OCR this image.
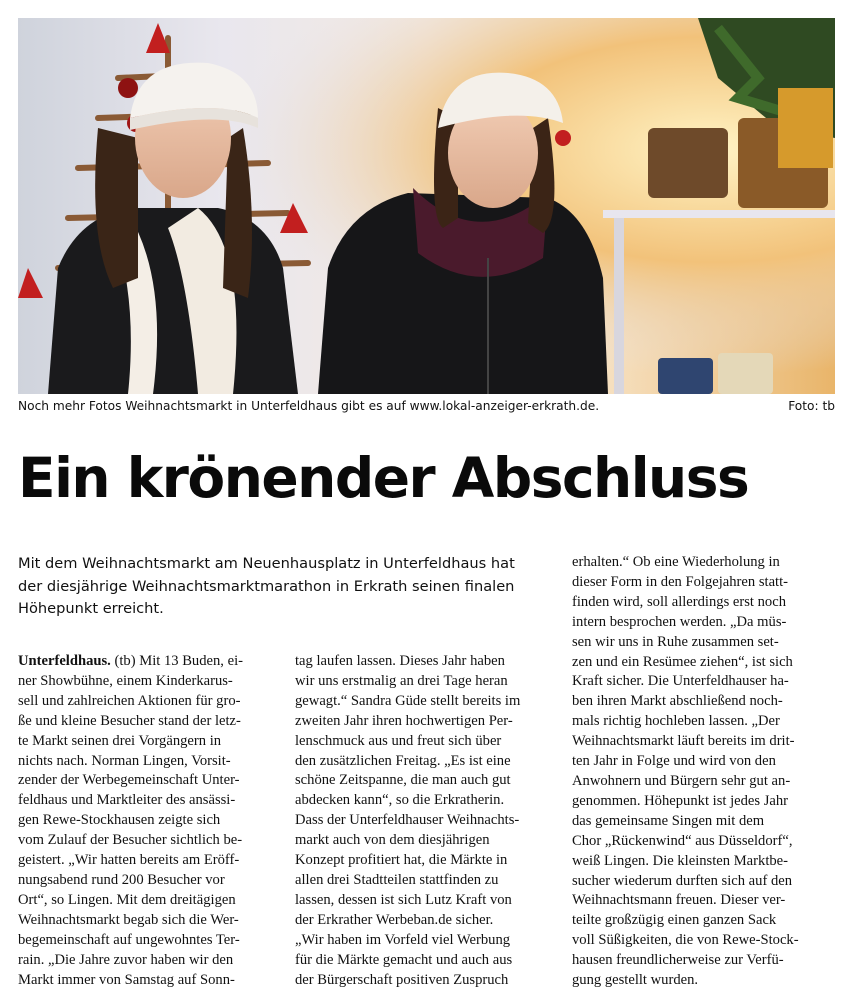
Noch mehr Fotos Weihnachtsmarkt in Unterfeldhaus gibt es auf www.lokal-anzeiger-erkrath.de.	Foto: tb
Ein krönender Abschluss
Mit dem Weihnachtsmarkt am Neuenhausplatz in Unterfeldhaus hat
der diesjährige Weihnachtsmarktmarathon in Erkrath seinen finalen
Höhepunkt erreicht.
Unterfeldhaus. (tb) Mit 13 Buden, ei-
ner Showbühne, einem Kinderkarus-
sell und zahlreichen Aktionen für gro-
ße und kleine Besucher stand der letz-
te Markt seinen drei Vorgängern in
nichts nach. Norman Lingen, Vorsit-
zender der Werbegemeinschaft Unter-
feldhaus und Marktleiter des ansässi-
gen Rewe-Stockhausen zeigte sich
vom Zulauf der Besucher sichtlich be-
geistert. „Wir hatten bereits am Eröff-
nungsabend rund 200 Besucher vor
Ort“, so Lingen. Mit dem dreitägigen
Weihnachtsmarkt begab sich die Wer-
begemeinschaft auf ungewohntes Ter-
rain. „Die Jahre zuvor haben wir den
Markt immer von Samstag auf Sonn-
tag laufen lassen. Dieses Jahr haben
wir uns erstmalig an drei Tage heran
gewagt.“ Sandra Güde stellt bereits im
zweiten Jahr ihren hochwertigen Per-
lenschmuck aus und freut sich über
den zusätzlichen Freitag. „Es ist eine
schöne Zeitspanne, die man auch gut
abdecken kann“, so die Erkratherin.
Dass der Unterfeldhauser Weihnachts-
markt auch von dem diesjährigen
Konzept profitiert hat, die Märkte in
allen drei Stadtteilen stattfinden zu
lassen, dessen ist sich Lutz Kraft von
der Erkrather Werbeban.de sicher.
„Wir haben im Vorfeld viel Werbung
für die Märkte gemacht und auch aus
der Bürgerschaft positiven Zuspruch
erhalten.“ Ob eine Wiederholung in
dieser Form in den Folgejahren statt-
finden wird, soll allerdings erst noch
intern besprochen werden. „Da müs-
sen wir uns in Ruhe zusammen set-
zen und ein Resümee ziehen“, ist sich
Kraft sicher. Die Unterfeldhauser ha-
ben ihren Markt abschließend noch-
mals richtig hochleben lassen. „Der
Weihnachtsmarkt läuft bereits im drit-
ten Jahr in Folge und wird von den
Anwohnern und Bürgern sehr gut an-
genommen. Höhepunkt ist jedes Jahr
das gemeinsame Singen mit dem
Chor „Rückenwind“ aus Düsseldorf“,
weiß Lingen. Die kleinsten Marktbe-
sucher wiederum durften sich auf den
Weihnachtsmann freuen. Dieser ver-
teilte großzügig einen ganzen Sack
voll Süßigkeiten, die von Rewe-Stock-
hausen freundlicherweise zur Verfü-
gung gestellt wurden.
